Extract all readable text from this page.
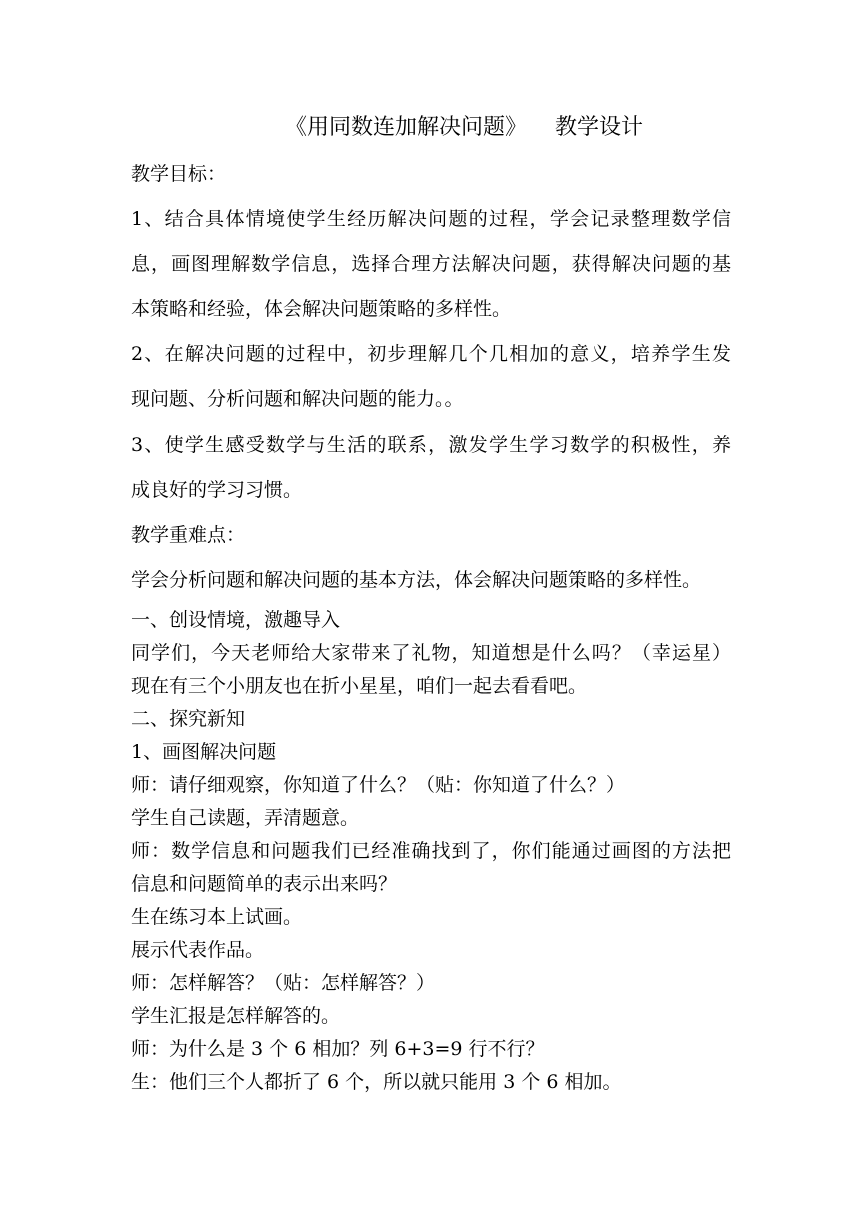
《用同数连加解决问题》 教学设计
教学目标：
1、结合具体情境使学生经历解决问题的过程，学会记录整理数学信
息，画图理解数学信息，选择合理方法解决问题，获得解决问题的基
本策略和经验，体会解决问题策略的多样性。
2、在解决问题的过程中，初步理解几个几相加的意义，培养学生发
现问题、分析问题和解决问题的能力。。
3、使学生感受数学与生活的联系，激发学生学习数学的积极性，养
成良好的学习习惯。
教学重难点：
学会分析问题和解决问题的基本方法，体会解决问题策略的多样性。
一、创设情境，激趣导入
同学们，今天老师给大家带来了礼物，知道想是什么吗？（幸运星）
现在有三个小朋友也在折小星星，咱们一起去看看吧。
二、探究新知
1、画图解决问题
师：请仔细观察，你知道了什么？（贴：你知道了什么？）
学生自己读题，弄清题意。
师：数学信息和问题我们已经准确找到了，你们能通过画图的方法把
信息和问题简单的表示出来吗？
生在练习本上试画。
展示代表作品。
师：怎样解答？（贴：怎样解答？）
学生汇报是怎样解答的。
师：为什么是 3 个 6 相加？列 6+3=9 行不行？
生：他们三个人都折了 6 个，所以就只能用 3 个 6 相加。
